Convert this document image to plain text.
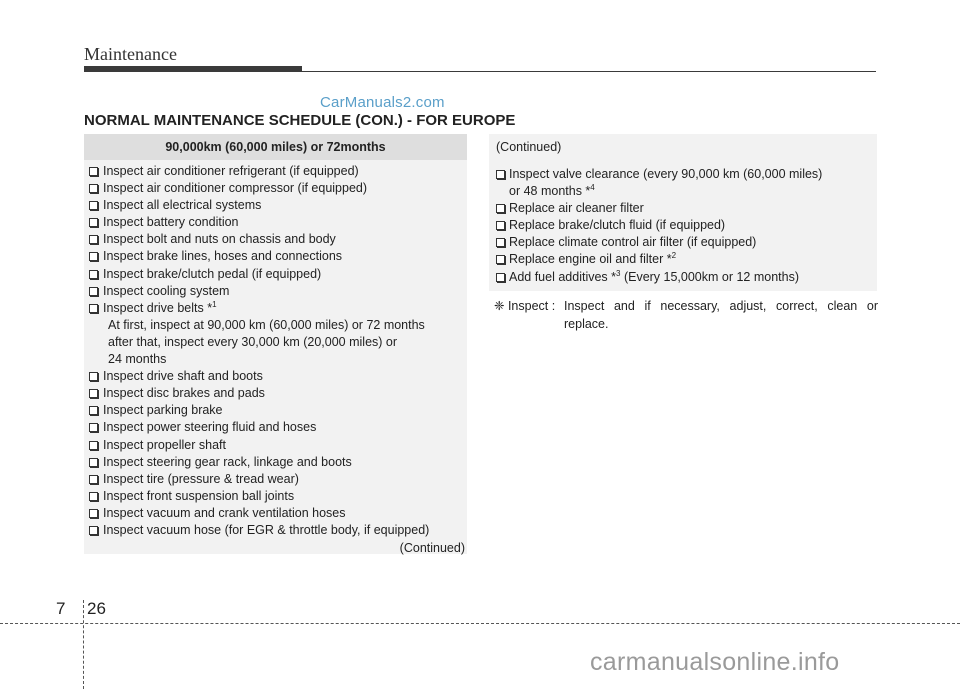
Maintenance
CarManuals2.com
NORMAL MAINTENANCE SCHEDULE (CON.) - FOR EUROPE
90,000km (60,000 miles) or 72months
Inspect air conditioner refrigerant (if equipped)
Inspect air conditioner compressor (if equipped)
Inspect all electrical systems
Inspect battery condition
Inspect bolt and nuts on chassis and body
Inspect brake lines, hoses and connections
Inspect brake/clutch pedal (if equipped)
Inspect cooling system
Inspect drive belts *$^1$
At first, inspect at 90,000 km (60,000 miles) or 72 months
after that, inspect every 30,000 km (20,000 miles) or
24 months
Inspect drive shaft and boots
Inspect disc brakes and pads
Inspect parking brake
Inspect power steering fluid and hoses
Inspect propeller shaft
Inspect steering gear rack, linkage and boots
Inspect tire (pressure & tread wear)
Inspect front suspension ball joints
Inspect vacuum and crank ventilation hoses
Inspect vacuum hose (for EGR & throttle body, if equipped)
(Continued)
(Continued)
Inspect valve clearance (every 90,000 km (60,000 miles)
or 48 months *$^4$
Replace air cleaner filter
Replace brake/clutch fluid (if equipped)
Replace climate control air filter (if equipped)
Replace engine oil and filter *$^2$
Add fuel additives *$^3$ (Every 15,000km or 12 months)
❈ Inspect : Inspect and if necessary, adjust, correct, clean or
replace.
7 26
carmanualsonline.info
